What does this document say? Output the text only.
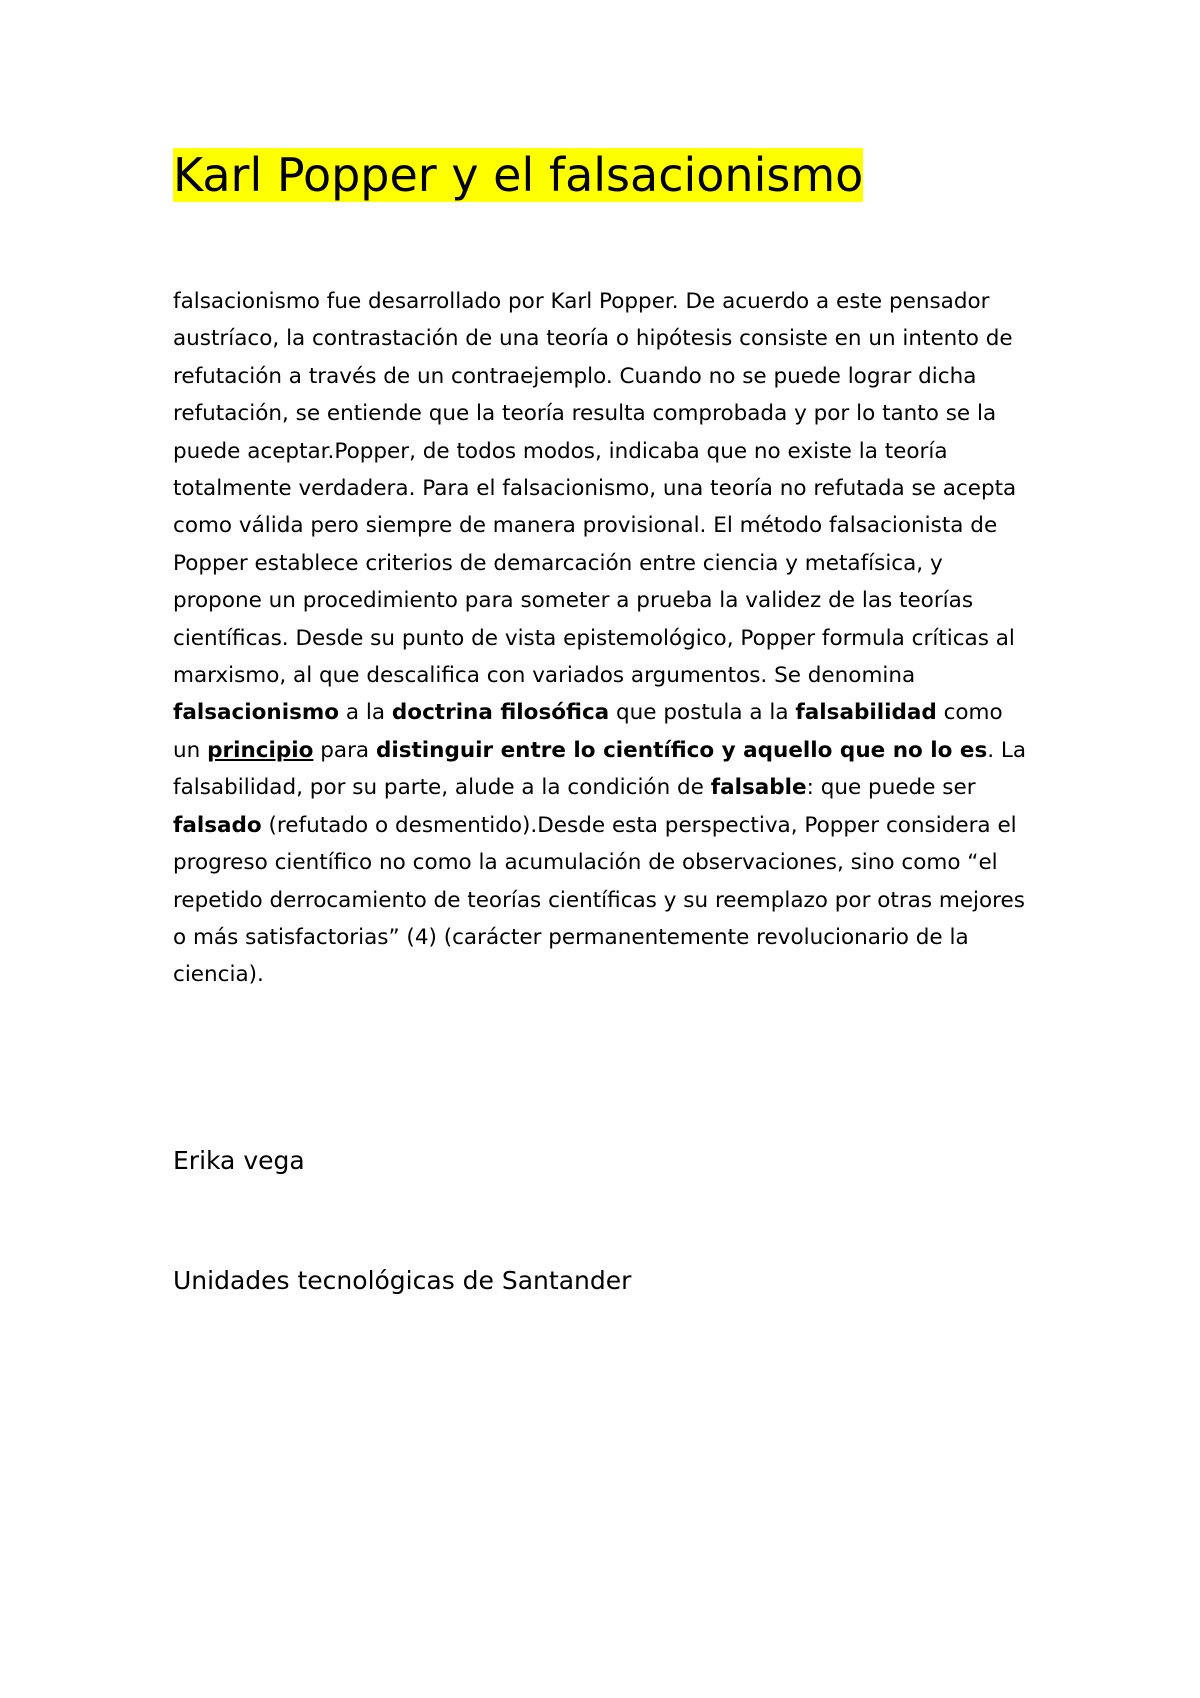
Karl Popper y el falsacionismo

falsacionismo fue desarrollado por Karl Popper. De acuerdo a este pensador austríaco, la contrastación de una teoría o hipótesis consiste en un intento de refutación a través de un contraejemplo. Cuando no se puede lograr dicha refutación, se entiende que la teoría resulta comprobada y por lo tanto se la puede aceptar.Popper, de todos modos, indicaba que no existe la teoría totalmente verdadera. Para el falsacionismo, una teoría no refutada se acepta como válida pero siempre de manera provisional. El método falsacionista de Popper establece criterios de demarcación entre ciencia y metafísica, y propone un procedimiento para someter a prueba la validez de las teorías científicas. Desde su punto de vista epistemológico, Popper formula críticas al marxismo, al que descalifica con variados argumentos. Se denomina falsacionismo a la doctrina filosófica que postula a la falsabilidad como un principio para distinguir entre lo científico y aquello que no lo es. La falsabilidad, por su parte, alude a la condición de falsable: que puede ser falsado (refutado o desmentido).Desde esta perspectiva, Popper considera el progreso científico no como la acumulación de observaciones, sino como “el repetido derrocamiento de teorías científicas y su reemplazo por otras mejores o más satisfactorias” (4) (carácter permanentemente revolucionario de la ciencia).

Erika vega

Unidades tecnológicas de Santander
